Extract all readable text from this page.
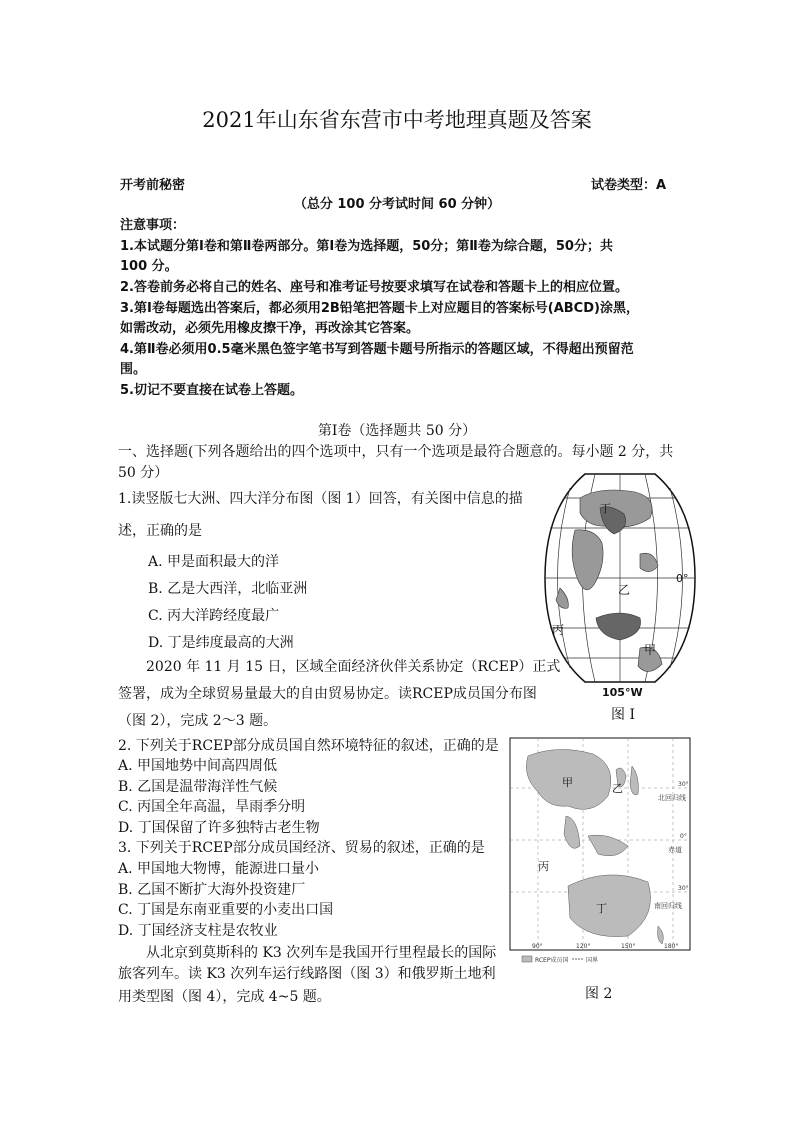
2021年山东省东营市中考地理真题及答案
开考前秘密	试卷类型：A
（总分 100 分考试时间 60 分钟）
注意事项：
1.本试题分第Ⅰ卷和第Ⅱ卷两部分。第Ⅰ卷为选择题，50分；第Ⅱ卷为综合题，50分；共
100 分。
2.答卷前务必将自己的姓名、座号和准考证号按要求填写在试卷和答题卡上的相应位置。
3.第Ⅰ卷每题选出答案后，都必须用2B铅笔把答题卡上对应题目的答案标号(ABCD)涂黑，
如需改动，必须先用橡皮擦干净，再改涂其它答案。
4.第Ⅱ卷必须用0.5毫米黑色签字笔书写到答题卡题号所指示的答题区域，不得超出预留范
围。
5.切记不要直接在试卷上答题。
第Ⅰ卷（选择题共 50 分）
一、选择题(下列各题给出的四个选项中，只有一个选项是最符合题意的。每小题 2 分，共
50 分）
1.读竖版七大洲、四大洋分布图（图 1）回答，有关图中信息的描
述，正确的是
A. 甲是面积最大的洋
B. 乙是大西洋，北临亚洲
C. 丙大洋跨经度最广
D. 丁是纬度最高的大洲
2020 年 11 月 15 日，区域全面经济伙伴关系协定（RCEP）正式
签署，成为全球贸易量最大的自由贸易协定。读RCEP成员国分布图
（图 2），完成 2～3 题。
2. 下列关于RCEP部分成员国自然环境特征的叙述，正确的是
A. 甲国地势中间高四周低
B. 乙国是温带海洋性气候
C. 丙国全年高温，旱雨季分明
D. 丁国保留了许多独特古老生物
3. 下列关于RCEP部分成员国经济、贸易的叙述，正确的是
A. 甲国地大物博，能源进口量小
B. 乙国不断扩大海外投资建厂
C. 丁国是东南亚重要的小麦出口国
D. 丁国经济支柱是农牧业
从北京到莫斯科的 K3 次列车是我国开行里程最长的国际
旅客列车。读 K3 次列车运行线路图（图 3）和俄罗斯土地利
用类型图（图 4），完成 4~5 题。
乙
丙
甲
丁
0°
105°W
图 I
甲	乙
丙
丁
北回归线
赤道
南回归线
30°
0°
30°
90°	120°	150°	180°
RCEP成员国	国界
图 2
